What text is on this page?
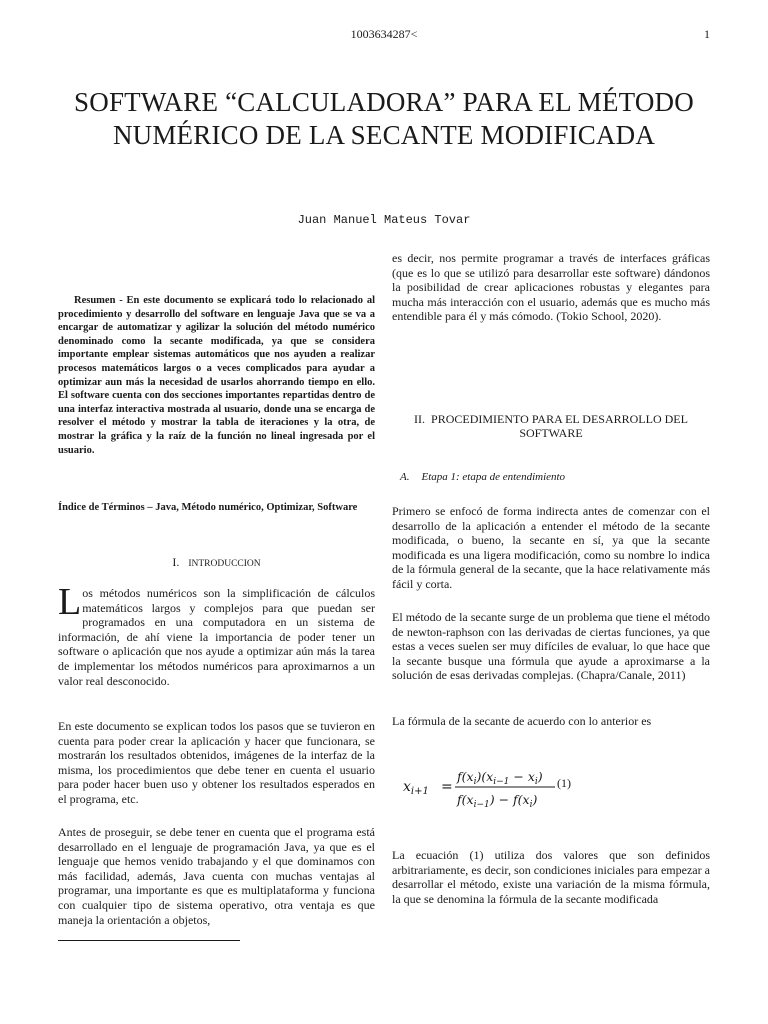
1003634287<	1
SOFTWARE “CALCULADORA” PARA EL MÉTODO NUMÉRICO DE LA SECANTE MODIFICADA
Juan Manuel Mateus Tovar

Resumen - En este documento se explicará todo lo relacionado al procedimiento y desarrollo del software en lenguaje Java que se va a encargar de automatizar y agilizar la solución del método numérico denominado como la secante modificada, ya que se considera importante emplear sistemas automáticos que nos ayuden a realizar procesos matemáticos largos o a veces complicados para ayudar a optimizar aun más la necesidad de usarlos ahorrando tiempo en ello. El software cuenta con dos secciones importantes repartidas dentro de una interfaz interactiva mostrada al usuario, donde una se encarga de resolver el método y mostrar la tabla de iteraciones y la otra, de mostrar la gráfica y la raíz de la función no lineal ingresada por el usuario.

Índice de Términos – Java, Método numérico, Optimizar, Software

I. INTRODUCCION

Los métodos numéricos son la simplificación de cálculos matemáticos largos y complejos para que puedan ser programados en una computadora en un sistema de información, de ahí viene la importancia de poder tener un software o aplicación que nos ayude a optimizar aún más la tarea de implementar los métodos numéricos para aproximarnos a un valor real desconocido.

En este documento se explican todos los pasos que se tuvieron en cuenta para poder crear la aplicación y hacer que funcionara, se mostrarán los resultados obtenidos, imágenes de la interfaz de la misma, los procedimientos que debe tener en cuenta el usuario para poder hacer buen uso y obtener los resultados esperados en el programa, etc.

Antes de proseguir, se debe tener en cuenta que el programa está desarrollado en el lenguaje de programación Java, ya que es el lenguaje que hemos venido trabajando y el que dominamos con más facilidad, además, Java cuenta con muchas ventajas al programar, una importante es que es multiplataforma y funciona con cualquier tipo de sistema operativo, otra ventaja es que maneja la orientación a objetos,

es decir, nos permite programar a través de interfaces gráficas (que es lo que se utilizó para desarrollar este software) dándonos la posibilidad de crear aplicaciones robustas y elegantes para mucha más interacción con el usuario, además que es mucho más entendible para él y más cómodo. (Tokio School, 2020).

II. PROCEDIMIENTO PARA EL DESARROLLO DEL SOFTWARE
A. Etapa 1: etapa de entendimiento

Primero se enfocó de forma indirecta antes de comenzar con el desarrollo de la aplicación a entender el método de la secante modificada, o bueno, la secante en sí, ya que la secante modificada es una ligera modificación, como su nombre lo indica de la fórmula general de la secante, que la hace relativamente más fácil y corta.

El método de la secante surge de un problema que tiene el método de newton-raphson con las derivadas de ciertas funciones, ya que estas a veces suelen ser muy difíciles de evaluar, lo que hace que la secante busque una fórmula que ayude a aproximarse a la solución de esas derivadas complejas. (Chapra/Canale, 2011)

La fórmula de la secante de acuerdo con lo anterior es

$x_{i+1}$ =
$f(x_i)(x_{i-1} - x_i)$
$f(x_{i-1}) - f(x_i)$
(1)

La ecuación (1) utiliza dos valores que son definidos arbitrariamente, es decir, son condiciones iniciales para empezar a desarrollar el método, existe una variación de la misma fórmula, la que se denomina la fórmula de la secante modificada
